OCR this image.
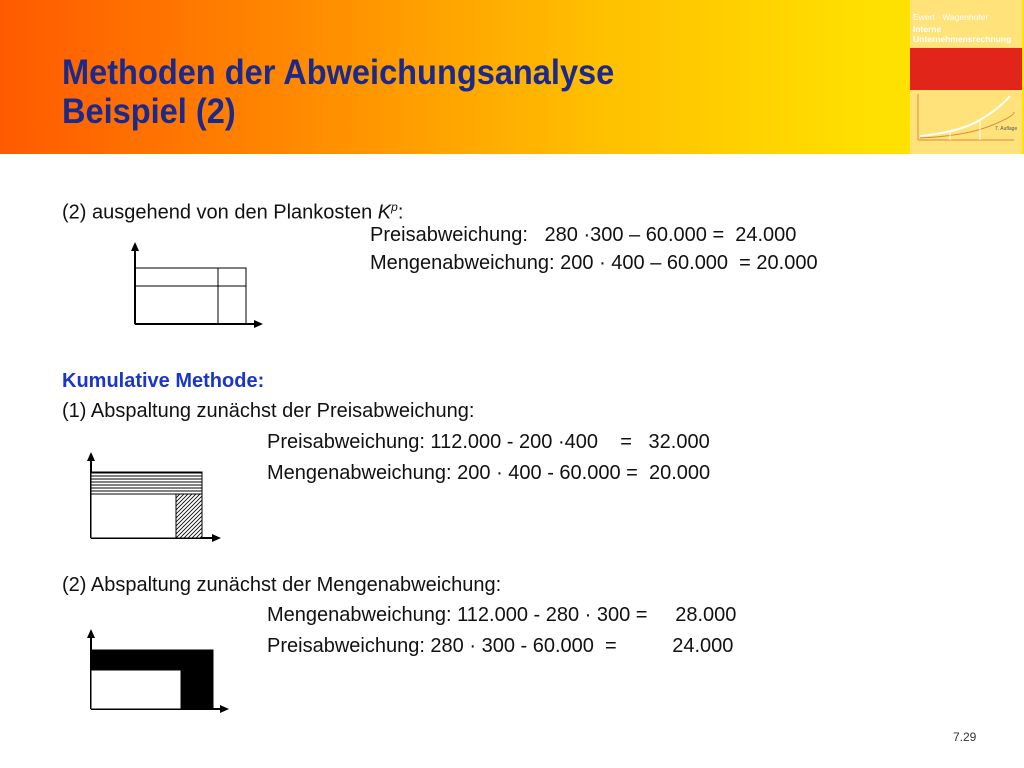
Methoden der Abweichungsanalyse
Beispiel (2)
Ewert · Wagenhofer
Interne
Unternehmensrechnung
7. Auflage
(2) ausgehend von den Plankosten $K^p$:
Preisabweichung:   280 ·300 – 60.000 =  24.000
Mengenabweichung: 200 · 400 – 60.000  = 20.000
Kumulative Methode:
(1) Abspaltung zunächst der Preisabweichung:
Preisabweichung: 112.000 - 200 ·400    =   32.000
Mengenabweichung: 200 · 400 - 60.000 =  20.000
(2) Abspaltung zunächst der Mengenabweichung:
Mengenabweichung: 112.000 - 280 · 300 =     28.000
Preisabweichung: 280 · 300 - 60.000  =          24.000
7.29
